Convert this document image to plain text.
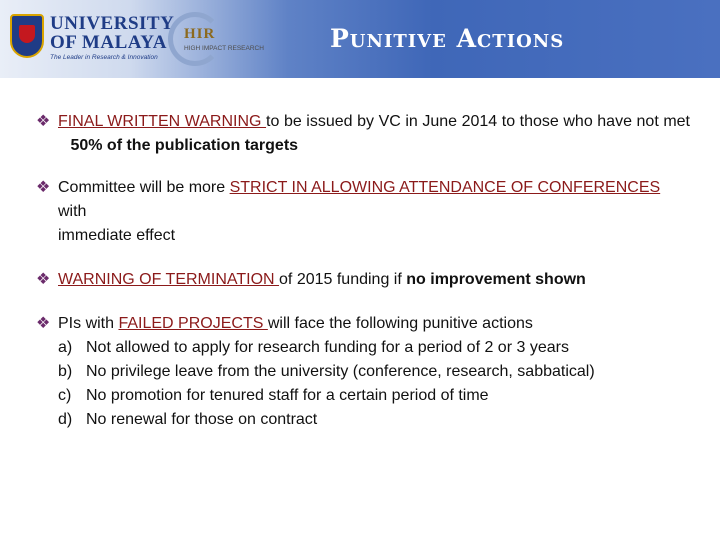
UNIVERSITY
OF MALAYA
The Leader in Research & Innovation
HIR
HIGH IMPACT RESEARCH	Punitive Actions
❖ FINAL WRITTEN WARNING to be issued by VC in June 2014 to those who have not met 50% of the publication targets
❖ Committee will be more STRICT IN ALLOWING ATTENDANCE OF CONFERENCES with
immediate effect
❖ WARNING OF TERMINATION of 2015 funding if no improvement shown
❖ PIs with FAILED PROJECTS will face the following punitive actions
a) Not allowed to apply for research funding for a period of 2 or 3 years
b) No privilege leave from the university (conference, research, sabbatical)
c) No promotion for tenured staff for a certain period of time
d) No renewal for those on contract
